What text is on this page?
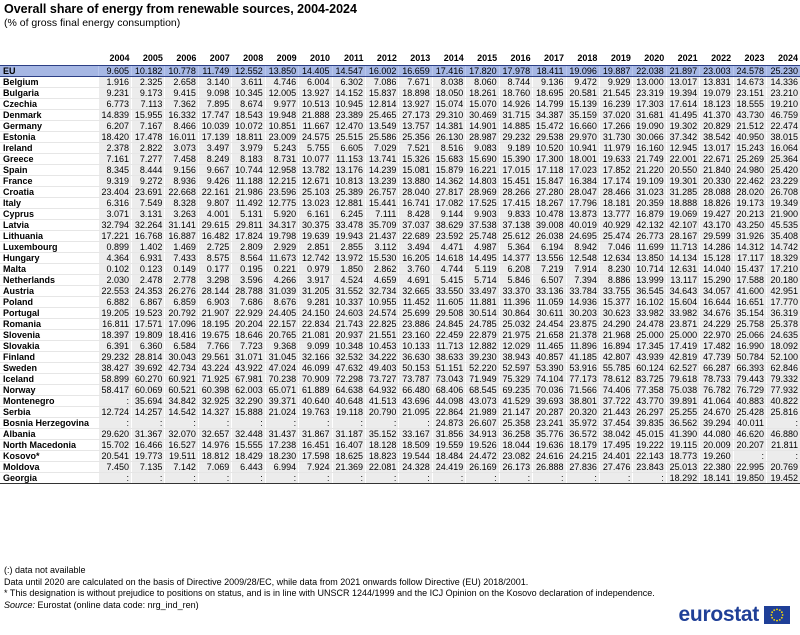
Overall share of energy from renewable sources, 2004-2024
(% of gross final energy consumption)
	2004	2005	2006	2007	2008	2009	2010	2011	2012	2013	2014	2015	2016	2017	2018	2019	2020	2021	2022	2023	2024
EU	9.605	10.182	10.778	11.749	12.552	13.850	14.405	14.547	16.002	16.659	17.416	17.820	17.978	18.411	19.096	19.887	22.038	21.897	23.003	24.578	25.230
Belgium	1.916	2.325	2.658	3.140	3.611	4.746	6.004	6.302	7.086	7.671	8.038	8.060	8.744	9.136	9.472	9.929	13.000	13.017	13.831	14.673	14.336
Bulgaria	9.231	9.173	9.415	9.098	10.345	12.005	13.927	14.152	15.837	18.898	18.050	18.261	18.760	18.695	20.581	21.545	23.319	19.394	19.079	23.151	23.210
Czechia	6.773	7.113	7.362	7.895	8.674	9.977	10.513	10.945	12.814	13.927	15.074	15.070	14.926	14.799	15.139	16.239	17.303	17.614	18.123	18.555	19.210
Denmark	14.839	15.955	16.332	17.747	18.543	19.948	21.888	23.389	25.465	27.173	29.310	30.469	31.715	34.387	35.159	37.020	31.681	41.495	41.370	43.730	46.759
Germany	6.207	7.167	8.466	10.039	10.072	10.851	11.667	12.470	13.549	13.757	14.381	14.901	14.885	15.472	16.660	17.266	19.090	19.302	20.829	21.512	22.474
Estonia	18.420	17.478	16.011	17.139	18.811	23.009	24.575	25.515	25.586	25.356	26.130	28.987	29.232	29.538	29.970	31.730	30.066	37.342	38.542	40.950	38.015
Ireland	2.378	2.822	3.073	3.497	3.979	5.243	5.755	6.605	7.029	7.521	8.516	9.083	9.189	10.520	10.941	11.979	16.160	12.945	13.017	15.243	16.064
Greece	7.161	7.277	7.458	8.249	8.183	8.731	10.077	11.153	13.741	15.326	15.683	15.690	15.390	17.300	18.001	19.633	21.749	22.001	22.671	25.269	25.364
Spain	8.345	8.444	9.156	9.667	10.744	12.958	13.782	13.176	14.239	15.081	15.879	16.221	17.015	17.118	17.023	17.852	21.220	20.550	21.840	24.980	25.420
France	9.319	9.272	8.936	9.426	11.188	12.215	12.671	10.813	13.239	13.880	14.362	14.803	15.451	15.847	16.384	17.174	19.109	19.301	20.330	22.462	23.229
Croatia	23.404	23.691	22.668	22.161	21.986	23.596	25.103	25.389	26.757	28.040	27.817	28.969	28.266	27.280	28.047	28.466	31.023	31.285	28.088	28.020	26.708
Italy	6.316	7.549	8.328	9.807	11.492	12.775	13.023	12.881	15.441	16.741	17.082	17.525	17.415	18.267	17.796	18.181	20.359	18.888	18.826	19.173	19.349
Cyprus	3.071	3.131	3.263	4.001	5.131	5.920	6.161	6.245	7.111	8.428	9.144	9.903	9.833	10.478	13.873	13.777	16.879	19.069	19.427	20.213	21.900
Latvia	32.794	32.264	31.141	29.615	29.811	34.317	30.375	33.478	35.709	37.037	38.629	37.538	37.138	39.008	40.019	40.929	42.132	42.107	43.170	43.250	45.535
Lithuania	17.221	16.768	16.887	16.482	17.824	19.798	19.639	19.943	21.437	22.689	23.592	25.748	25.612	26.038	24.695	25.474	26.773	28.167	29.599	31.926	35.408
Luxembourg	0.899	1.402	1.469	2.725	2.809	2.929	2.851	2.855	3.112	3.494	4.471	4.987	5.364	6.194	8.942	7.046	11.699	11.713	14.286	14.312	14.742
Hungary	4.364	6.931	7.433	8.575	8.564	11.673	12.742	13.972	15.530	16.205	14.618	14.495	14.377	13.556	12.548	12.634	13.850	14.134	15.128	17.117	18.329
Malta	0.102	0.123	0.149	0.177	0.195	0.221	0.979	1.850	2.862	3.760	4.744	5.119	6.208	7.219	7.914	8.230	10.714	12.631	14.040	15.437	17.210
Netherlands	2.030	2.478	2.778	3.298	3.596	4.266	3.917	4.524	4.659	4.691	5.415	5.714	5.846	6.507	7.394	8.886	13.999	13.117	15.290	17.588	20.180
Austria	22.553	24.353	26.276	28.144	28.788	31.039	31.205	31.552	32.734	32.665	33.550	33.497	33.370	33.136	33.784	33.755	36.545	34.643	34.057	41.600	42.951
Poland	6.882	6.867	6.859	6.903	7.686	8.676	9.281	10.337	10.955	11.452	11.605	11.881	11.396	11.059	14.936	15.377	16.102	15.604	16.644	16.651	17.770
Portugal	19.205	19.523	20.792	21.907	22.929	24.405	24.150	24.603	24.574	25.699	29.508	30.514	30.864	30.611	30.203	30.623	33.982	33.982	34.676	35.154	36.319
Romania	16.811	17.571	17.096	18.195	20.204	22.157	22.834	21.743	22.825	23.886	24.845	24.785	25.032	24.454	23.875	24.290	24.478	23.871	24.229	25.758	25.378
Slovenia	18.397	19.809	18.416	19.675	18.646	20.765	21.081	20.937	21.551	23.160	22.459	22.879	21.975	21.658	21.378	21.968	25.000	25.000	22.970	25.066	24.635
Slovakia	6.391	6.360	6.584	7.766	7.723	9.368	9.099	10.348	10.453	10.133	11.713	12.882	12.029	11.465	11.896	16.894	17.345	17.419	17.482	16.990	18.092
Finland	29.232	28.814	30.043	29.561	31.071	31.045	32.166	32.532	34.222	36.630	38.633	39.230	38.943	40.857	41.185	42.807	43.939	42.819	47.739	50.784	52.100
Sweden	38.427	39.692	42.734	43.224	43.922	47.024	46.099	47.632	49.403	50.153	51.151	52.220	52.597	53.390	53.916	55.785	60.124	62.527	66.287	66.393	62.846
Iceland	58.899	60.270	60.921	71.925	67.981	70.238	70.909	72.298	73.727	73.787	73.043	71.949	75.329	74.104	77.173	78.612	83.725	79.618	78.733	79.443	79.332
Norway	58.417	60.069	60.521	60.398	62.003	65.071	61.889	64.638	64.932	66.480	68.406	68.545	69.235	70.036	71.566	74.406	77.358	75.038	76.782	76.729	77.932
Montenegro	:	35.694	34.842	32.925	32.290	39.371	40.640	40.648	41.513	43.696	44.098	43.073	41.529	39.693	38.801	37.722	43.770	39.891	41.064	40.883	40.822
Serbia	12.724	14.257	14.542	14.327	15.888	21.024	19.763	19.118	20.790	21.095	22.864	21.989	21.147	20.287	20.320	21.443	26.297	25.255	24.670	25.428	25.816
Bosnia Herzegovina	:	:	:	:	:	:	:	:	:	:	24.873	26.607	25.358	23.241	35.972	37.454	39.835	36.562	39.294	40.011	:
Albania	29.620	31.367	32.070	32.657	32.448	31.437	31.867	31.187	35.152	33.167	31.856	34.913	36.258	35.776	36.572	38.042	45.015	41.390	44.080	46.620	46.880
North Macedonia	15.702	16.466	16.527	14.976	15.555	17.238	16.451	16.407	18.128	18.509	19.559	19.526	18.044	19.636	18.179	17.495	19.222	19.115	20.009	20.207	21.811
Kosovo*	20.541	19.773	19.511	18.812	18.429	18.230	17.598	18.625	18.823	19.544	18.484	24.472	23.082	24.616	24.215	24.401	22.143	18.773	19.260	:	:
Moldova	7.450	7.135	7.142	7.069	6.443	6.994	7.924	21.369	22.081	24.328	24.419	26.169	26.173	26.888	27.836	27.476	23.843	25.013	22.380	22.995	20.769
Georgia	:	:	:	:	:	:	:	:	:	:	:	:	:	:	:	:	:	18.292	18.141	19.850	19.452
(:) data not available
Data until 2020 are calculated on the basis of Directive 2009/28/EC, while data from 2021 onwards follow Directive (EU) 2018/2001.
* This designation is without prejudice to positions on status, and is in line with UNSCR 1244/1999 and the ICJ Opinion on the Kosovo declaration of independence.
Source: Eurostat (online data code: nrg_ind_ren)	eurostat
